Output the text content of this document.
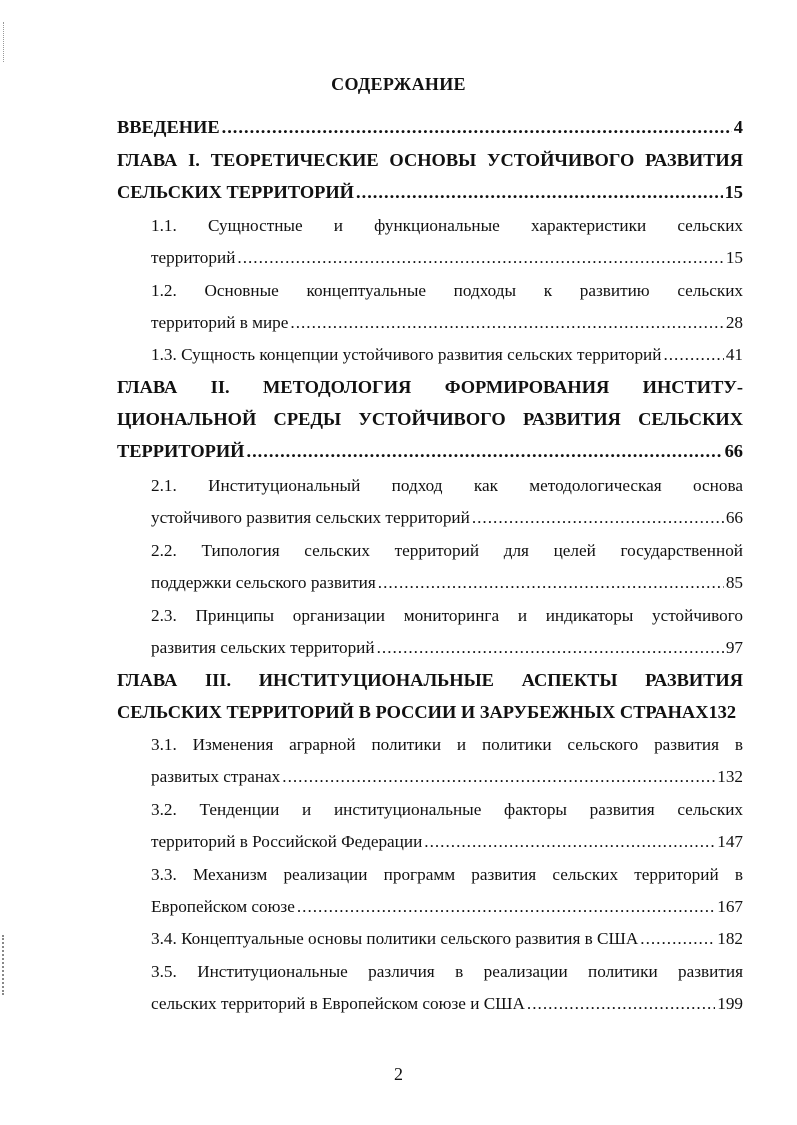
СОДЕРЖАНИЕ
ВВЕДЕНИЕ .....	4
ГЛАВА I. ТЕОРЕТИЧЕСКИЕ ОСНОВЫ УСТОЙЧИВОГО РАЗВИТИЯ
СЕЛЬСКИХ ТЕРРИТОРИЙ .....	15
1.1. Сущностные и функциональные характеристики сельских
территорий .....	15
1.2. Основные концептуальные подходы к развитию сельских
территорий в мире .....	28
1.3. Сущность концепции устойчивого развития сельских территорий .....	41
ГЛАВА II. МЕТОДОЛОГИЯ ФОРМИРОВАНИЯ ИНСТИТУ-
ЦИОНАЛЬНОЙ СРЕДЫ УСТОЙЧИВОГО РАЗВИТИЯ СЕЛЬСКИХ
ТЕРРИТОРИЙ .....	66
2.1. Институциональный подход как методологическая основа
устойчивого развития сельских территорий .....	66
2.2. Типология сельских территорий для целей государственной
поддержки сельского развития .....	85
2.3. Принципы организации мониторинга и индикаторы устойчивого
развития сельских территорий .....	97
ГЛАВА III. ИНСТИТУЦИОНАЛЬНЫЕ АСПЕКТЫ РАЗВИТИЯ
СЕЛЬСКИХ ТЕРРИТОРИЙ В РОССИИ И ЗАРУБЕЖНЫХ СТРАНАХ 132
3.1. Изменения аграрной политики и политики сельского развития в
развитых странах .....	132
3.2. Тенденции и институциональные факторы развития сельских
территорий в Российской Федерации .....	147
3.3. Механизм реализации программ развития сельских территорий в
Европейском союзе .....	167
3.4. Концептуальные основы политики сельского развития в США .....	182
3.5. Институциональные различия в реализации политики развития
сельских территорий в Европейском союзе и США .....	199
2
